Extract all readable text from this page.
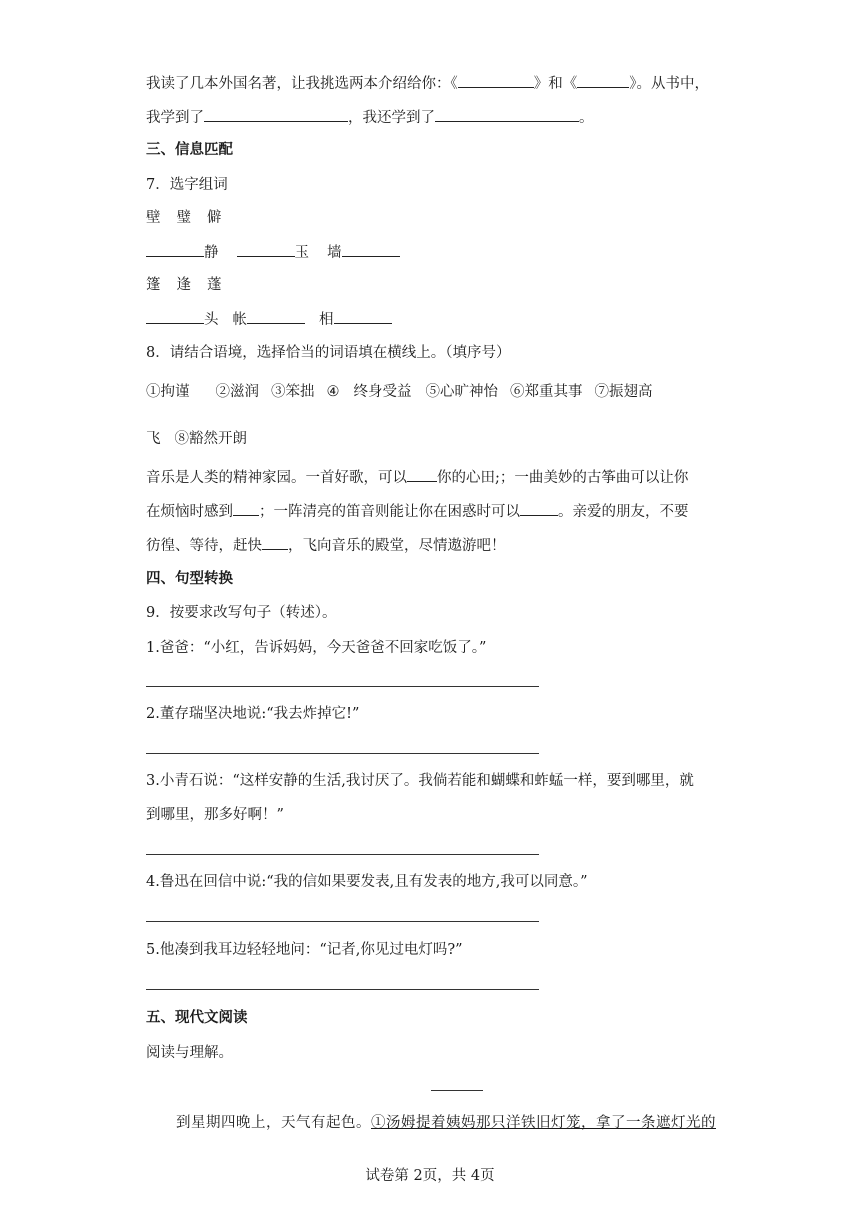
我读了几本外国名著，让我挑选两本介绍给你：《	》和《	》。从书中，
我学到了	，我还学到了	。
三、信息匹配
7．选字组词
壁 璧 僻
静	玉 墙
篷 逢 蓬
头 帐	相
8．请结合语境，选择恰当的词语填在横线上。（填序号）
①拘谨 ②滋润 ③笨拙 ④ 终身受益 ⑤心旷神怡 ⑥郑重其事 ⑦振翅高
飞 ⑧豁然开朗
音乐是人类的精神家园。一首好歌，可以 你的心田;；一曲美妙的古筝曲可以让你
在烦恼时感到 ；一阵清亮的笛音则能让你在困惑时可以	。亲爱的朋友，不要
彷徨、等待，赶快 ，飞向音乐的殿堂，尽情遨游吧！
四、句型转换
9．按要求改写句子（转述）。
1.爸爸：“小红，告诉妈妈，今天爸爸不回家吃饭了。”
2.董存瑞坚决地说:“我去炸掉它!”
3.小青石说：“这样安静的生活,我讨厌了。我倘若能和蝴蝶和蚱蜢一样，要到哪里，就
到哪里，那多好啊！”
4.鲁迅在回信中说:“我的信如果要发表,且有发表的地方,我可以同意。”
5.他凑到我耳边轻轻地问：“记者,你见过电灯吗?”
五、现代文阅读
阅读与理解。
到星期四晚上，天气有起色。①汤姆提着姨妈那只洋铁旧灯笼，拿了一条遮灯光的
试卷第 2页，共 4页
